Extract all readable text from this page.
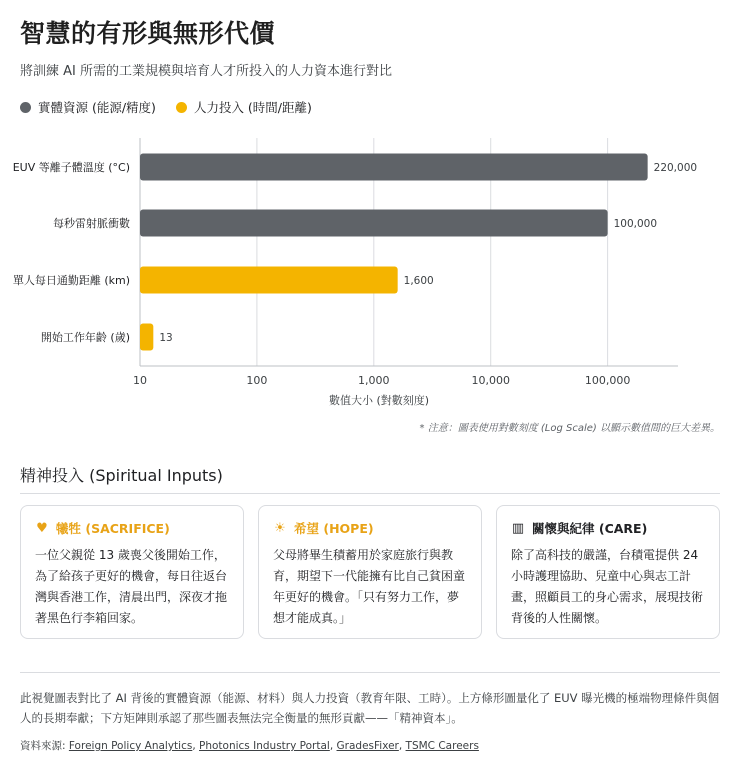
智慧的有形與無形代價
將訓練 AI 所需的工業規模與培育人才所投入的人力資本進行對比
實體資源 (能源/精度)	人力投入 (時間/距離)
10	100	1,000	10,000	100,000
EUV 等離子體溫度 (°C)	220,000
每秒雷射脈衝數	100,000
單人每日通勤距離 (km)	1,600
開始工作年齡 (歲)	13
數值大小 (對數刻度)
* 注意：圖表使用對數刻度 (Log Scale) 以顯示數值間的巨大差異。
精神投入 (Spiritual Inputs)
♥ 犧牲 (SACRIFICE)
一位父親從 13 歲喪父後開始工作，為了給孩子更好的機會，每日往返台灣與香港工作，清晨出門，深夜才拖著黑色行李箱回家。
☀ 希望 (HOPE)
父母將畢生積蓄用於家庭旅行與教育，期望下一代能擁有比自己貧困童年更好的機會。「只有努力工作，夢想才能成真。」
▥ 關懷與紀律 (CARE)
除了高科技的嚴謹，台積電提供 24 小時護理協助、兒童中心與志工計畫，照顧員工的身心需求，展現技術背後的人性關懷。
此視覺圖表對比了 AI 背後的實體資源（能源、材料）與人力投資（教育年限、工時）。上方條形圖量化了 EUV 曝光機的極端物理條件與個人的長期奉獻；下方矩陣則承認了那些圖表無法完全衡量的無形貢獻——「精神資本」。
資料來源: Foreign Policy Analytics, Photonics Industry Portal, GradesFixer, TSMC Careers
